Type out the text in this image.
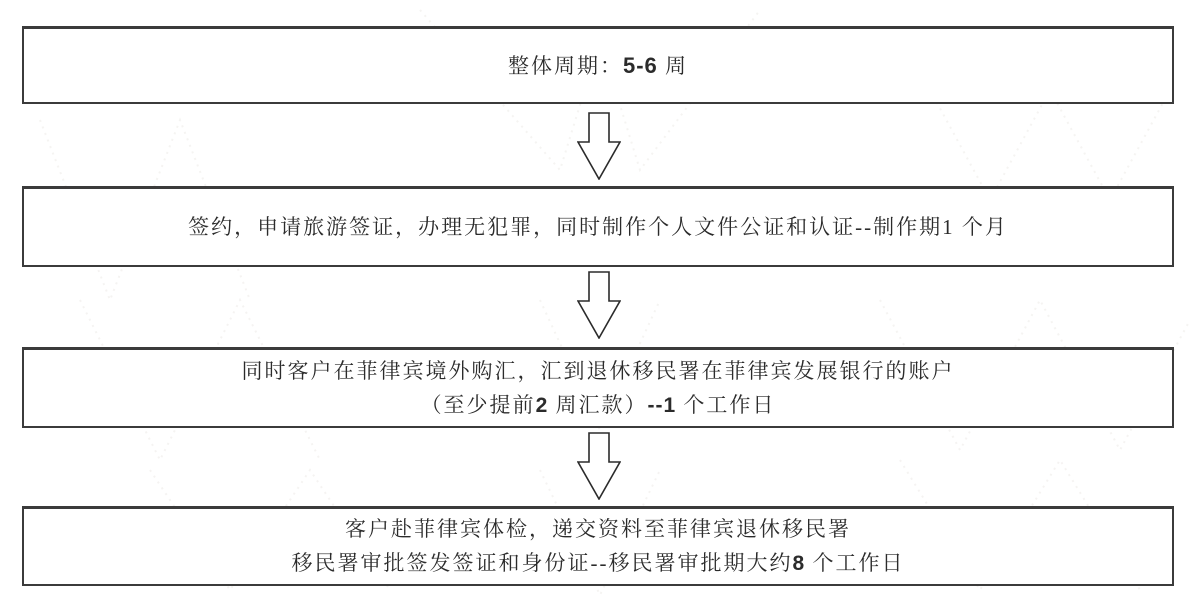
整体周期：5-6 周
签约，申请旅游签证，办理无犯罪，同时制作个人文件公证和认证--制作期1 个月
同时客户在菲律宾境外购汇，汇到退休移民署在菲律宾发展银行的账户
（至少提前2 周汇款）--1 个工作日
客户赴菲律宾体检，递交资料至菲律宾退休移民署
移民署审批签发签证和身份证--移民署审批期大约8 个工作日
